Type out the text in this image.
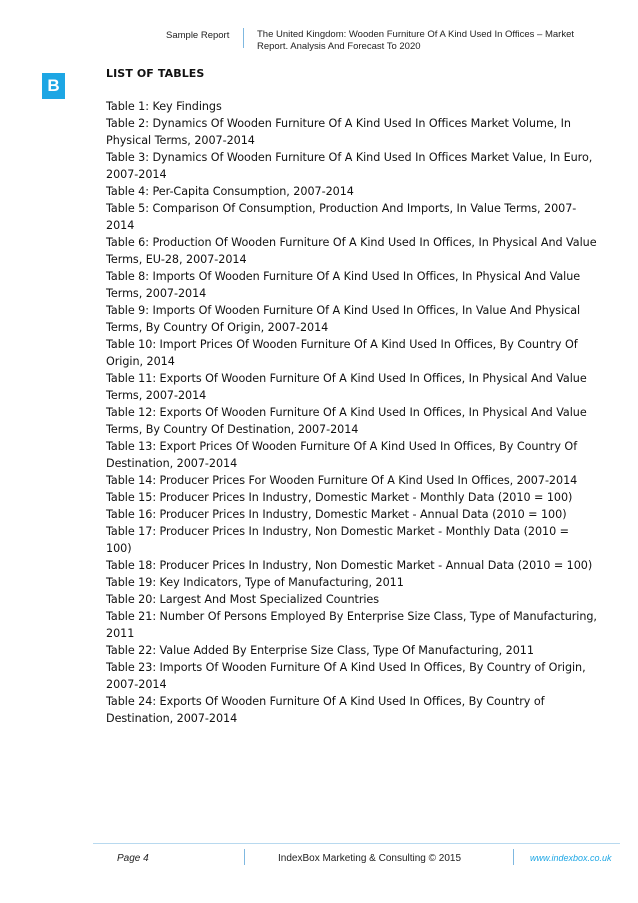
Sample Report	The United Kingdom: Wooden Furniture Of A Kind Used In Offices – Market Report. Analysis And Forecast To 2020
B
LIST OF TABLES

Table 1: Key Findings

Table 2: Dynamics Of Wooden Furniture Of A Kind Used In Offices Market Volume, In Physical Terms, 2007-2014

Table 3: Dynamics Of Wooden Furniture Of A Kind Used In Offices Market Value, In Euro, 2007-2014

Table 4: Per-Capita Consumption, 2007-2014

Table 5: Comparison Of Consumption, Production And Imports, In Value Terms, 2007-2014

Table 6: Production Of Wooden Furniture Of A Kind Used In Offices, In Physical And Value Terms, EU-28, 2007-2014

Table 8: Imports Of Wooden Furniture Of A Kind Used In Offices, In Physical And Value Terms, 2007-2014

Table 9: Imports Of Wooden Furniture Of A Kind Used In Offices, In Value And Physical Terms, By Country Of Origin, 2007-2014

Table 10: Import Prices Of Wooden Furniture Of A Kind Used In Offices, By Country Of Origin, 2014

Table 11: Exports Of Wooden Furniture Of A Kind Used In Offices, In Physical And Value Terms, 2007-2014

Table 12: Exports Of Wooden Furniture Of A Kind Used In Offices, In Physical And Value Terms, By Country Of Destination, 2007-2014

Table 13: Export Prices Of Wooden Furniture Of A Kind Used In Offices, By Country Of Destination, 2007-2014

Table 14: Producer Prices For Wooden Furniture Of A Kind Used In Offices, 2007-2014

Table 15: Producer Prices In Industry, Domestic Market - Monthly Data (2010 = 100)

Table 16: Producer Prices In Industry, Domestic Market - Annual Data (2010 = 100)

Table 17: Producer Prices In Industry, Non Domestic Market - Monthly Data (2010 = 100)

Table 18: Producer Prices In Industry, Non Domestic Market - Annual Data (2010 = 100)

Table 19: Key Indicators, Type of Manufacturing, 2011

Table 20: Largest And Most Specialized Countries

Table 21: Number Of Persons Employed By Enterprise Size Class, Type of Manufacturing, 2011

Table 22: Value Added By Enterprise Size Class, Type Of Manufacturing, 2011

Table 23: Imports Of Wooden Furniture Of A Kind Used In Offices, By Country of Origin, 2007-2014

Table 24: Exports Of Wooden Furniture Of A Kind Used In Offices, By Country of Destination, 2007-2014

Page 4	IndexBox Marketing & Consulting © 2015	www.indexbox.co.uk
